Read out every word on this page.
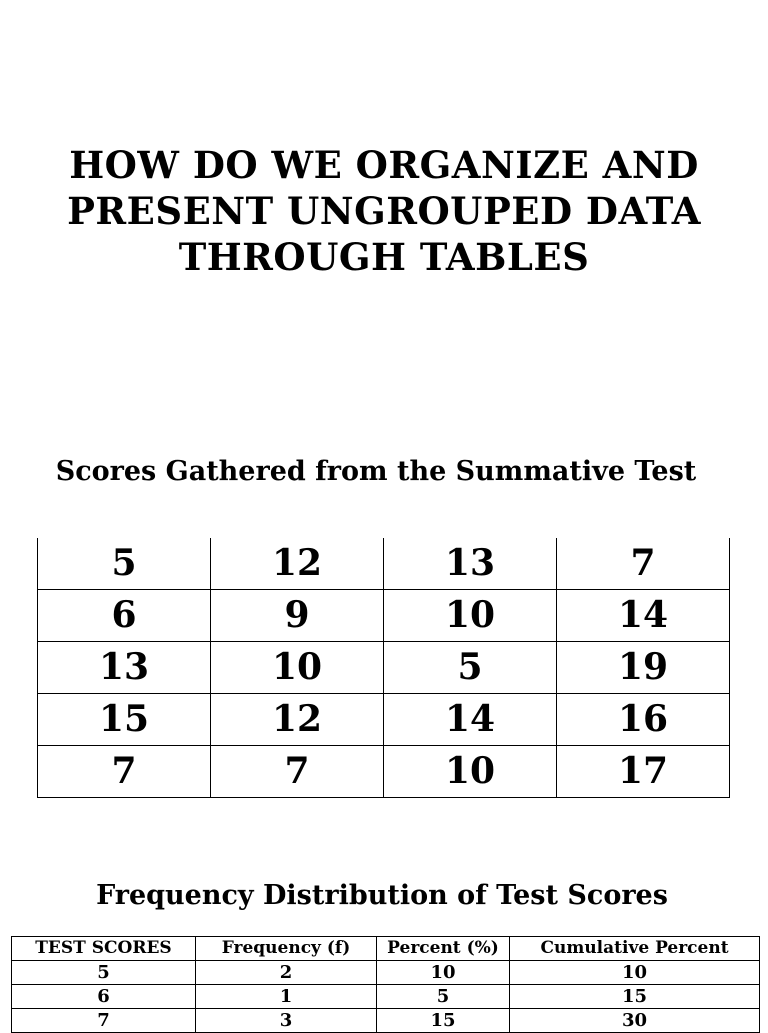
HOW DO WE ORGANIZE AND
PRESENT UNGROUPED DATA
THROUGH TABLES
Scores Gathered from the Summative Test
5	12	13	7
6	9	10	14
13	10	5	19
15	12	14	16
7	7	10	17
Frequency Distribution of Test Scores
TEST SCORES	Frequency (f)	Percent (%)	Cumulative Percent
5	2	10	10
6	1	5	15
7	3	15	30
